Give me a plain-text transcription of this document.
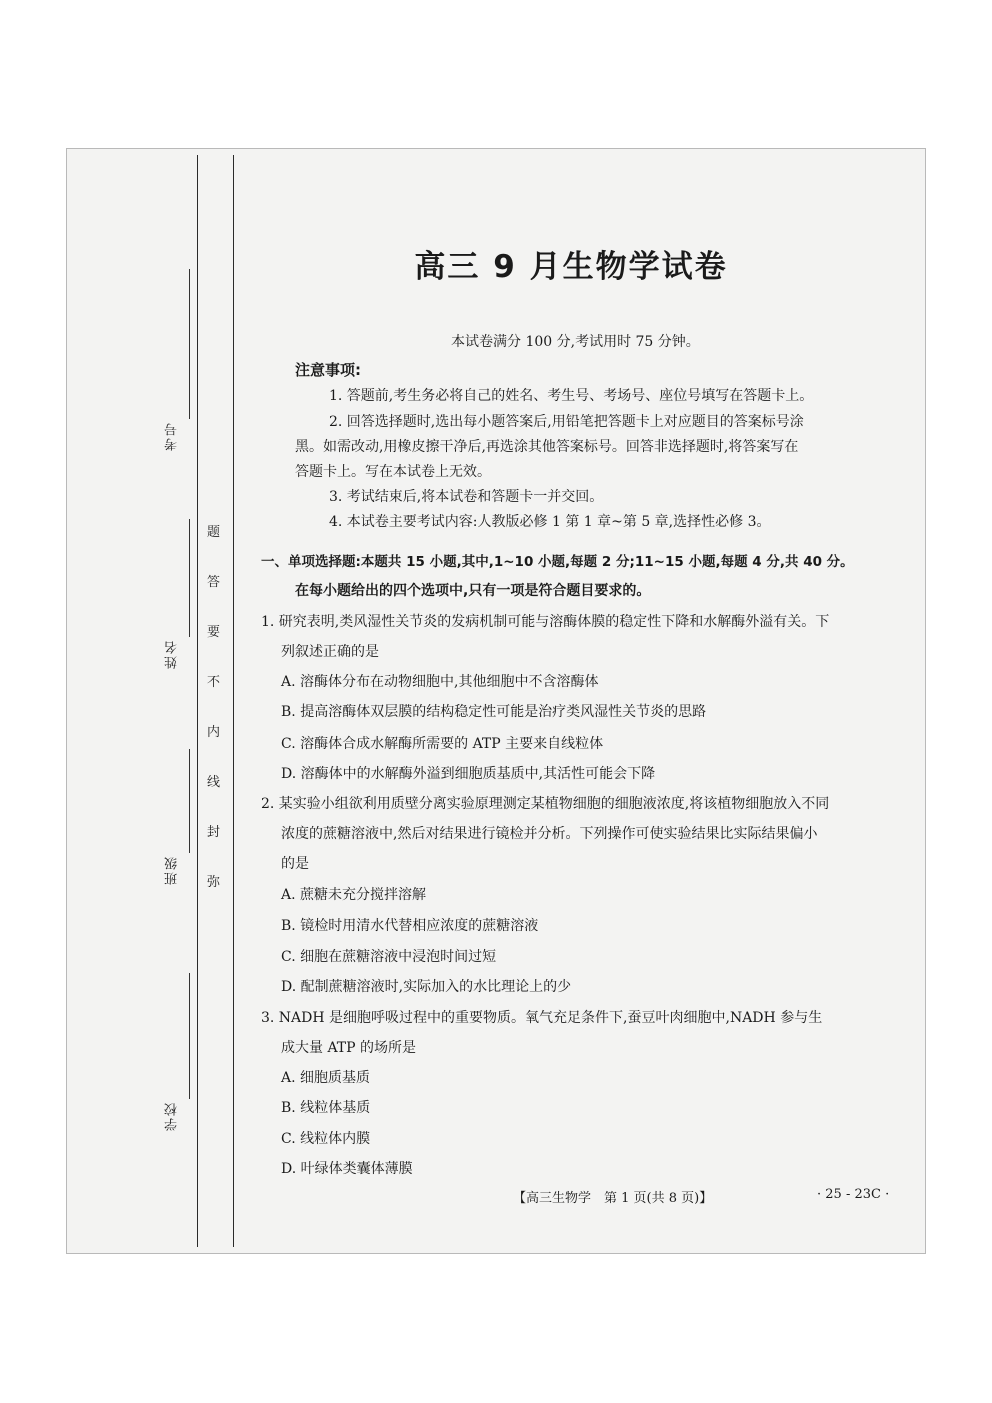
考号
姓名
班级
学校
题
答
要
不
内
线
封
弥
高三 9 月生物学试卷
本试卷满分 100 分,考试用时 75 分钟。
注意事项:
1. 答题前,考生务必将自己的姓名、考生号、考场号、座位号填写在答题卡上。
2. 回答选择题时,选出每小题答案后,用铅笔把答题卡上对应题目的答案标号涂
黑。如需改动,用橡皮擦干净后,再选涂其他答案标号。回答非选择题时,将答案写在
答题卡上。写在本试卷上无效。
3. 考试结束后,将本试卷和答题卡一并交回。
4. 本试卷主要考试内容:人教版必修 1 第 1 章~第 5 章,选择性必修 3。
一、单项选择题:本题共 15 小题,其中,1~10 小题,每题 2 分;11~15 小题,每题 4 分,共 40 分。
在每小题给出的四个选项中,只有一项是符合题目要求的。
1. 研究表明,类风湿性关节炎的发病机制可能与溶酶体膜的稳定性下降和水解酶外溢有关。下
列叙述正确的是
A. 溶酶体分布在动物细胞中,其他细胞中不含溶酶体
B. 提高溶酶体双层膜的结构稳定性可能是治疗类风湿性关节炎的思路
C. 溶酶体合成水解酶所需要的 ATP 主要来自线粒体
D. 溶酶体中的水解酶外溢到细胞质基质中,其活性可能会下降
2. 某实验小组欲利用质壁分离实验原理测定某植物细胞的细胞液浓度,将该植物细胞放入不同
浓度的蔗糖溶液中,然后对结果进行镜检并分析。下列操作可使实验结果比实际结果偏小
的是
A. 蔗糖未充分搅拌溶解
B. 镜检时用清水代替相应浓度的蔗糖溶液
C. 细胞在蔗糖溶液中浸泡时间过短
D. 配制蔗糖溶液时,实际加入的水比理论上的少
3. NADH 是细胞呼吸过程中的重要物质。氧气充足条件下,蚕豆叶肉细胞中,NADH 参与生
成大量 ATP 的场所是
A. 细胞质基质
B. 线粒体基质
C. 线粒体内膜
D. 叶绿体类囊体薄膜
【高三生物学　第 1 页(共 8 页)】	· 25 - 23C ·
